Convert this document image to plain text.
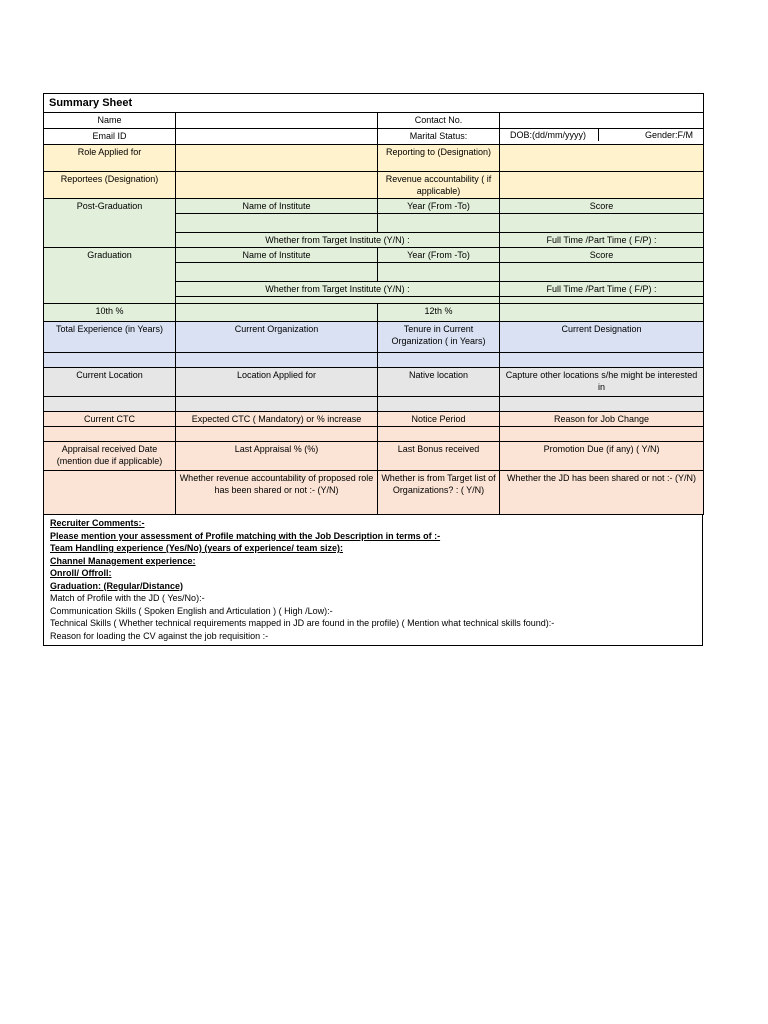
Summary Sheet			
Name		Contact No.	
Email ID		Marital Status:	DOB:(dd/mm/yyyy) Gender:F/M

Role Applied for		Reporting to (Designation)	
Reportees (Designation)		Revenue accountability ( if applicable)	
Post-Graduation	Name of Institute	Year (From -To)	Score

	Whether from Target Institute (Y/N) :		Full Time /Part Time ( F/P) :
Graduation	Name of Institute	Year (From -To)	Score

	Whether from Target Institute (Y/N) :		Full Time /Part Time ( F/P) :

10th %		12th %	
Total Experience (in Years)	Current Organization	Tenure in Current Organization ( in Years)	Current Designation

Current Location	Location Applied for	Native location	Capture other locations s/he might be interested in

Current CTC	Expected CTC ( Mandatory) or % increase	Notice Period	Reason for Job Change

Appraisal received Date (mention due if applicable)	Last Appraisal % (%)	Last Bonus received	Promotion Due (if any) ( Y/N)
	Whether revenue accountability of proposed role has been shared or not :- (Y/N)	Whether is from Target list of Organizations? : ( Y/N)	Whether the JD has been shared or not :- (Y/N)
Recruiter Comments:-
Please mention your assessment of Profile matching with the Job Description in terms of :-
Team Handling experience (Yes/No) (years of experience/ team size):
Channel Management experience:
Onroll/ Offroll:
Graduation: (Regular/Distance)
Match of Profile with the JD ( Yes/No):-
Communication Skills ( Spoken English and Articulation ) ( High /Low):-
Technical Skills ( Whether technical requirements mapped in JD are found in the profile) ( Mention what technical skills found):-
Reason for loading the CV against the job requisition :-
